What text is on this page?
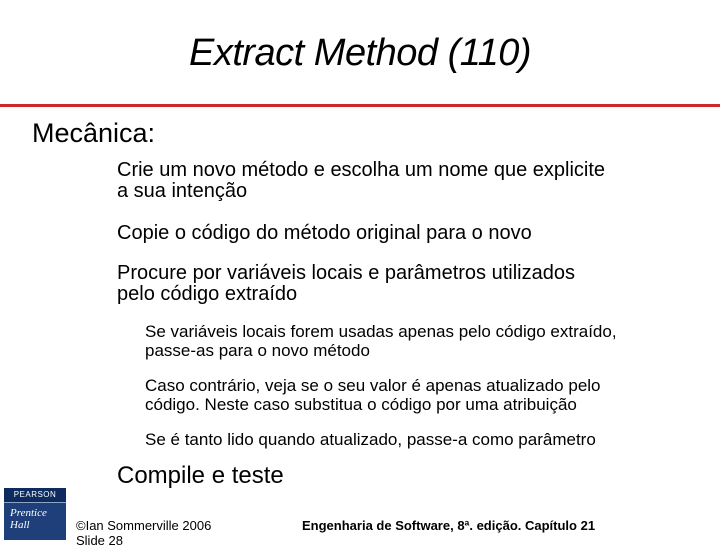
Extract Method (110)
Mecânica:
Crie um novo método e escolha um nome que explicite
a sua intenção
Copie o código do método original para o novo
Procure por variáveis locais e parâmetros utilizados
pelo código extraído
Se variáveis locais forem usadas apenas pelo código extraído,
passe-as para o novo método
Caso contrário, veja se o seu valor é apenas atualizado pelo
código. Neste caso substitua o código por uma atribuição
Se é tanto lido quando atualizado, passe-a como parâmetro
Compile e teste
PEARSON
Prentice
Hall	©Ian Sommerville 2006
Slide 28
Engenharia de Software, 8ª. edição. Capítulo 21
